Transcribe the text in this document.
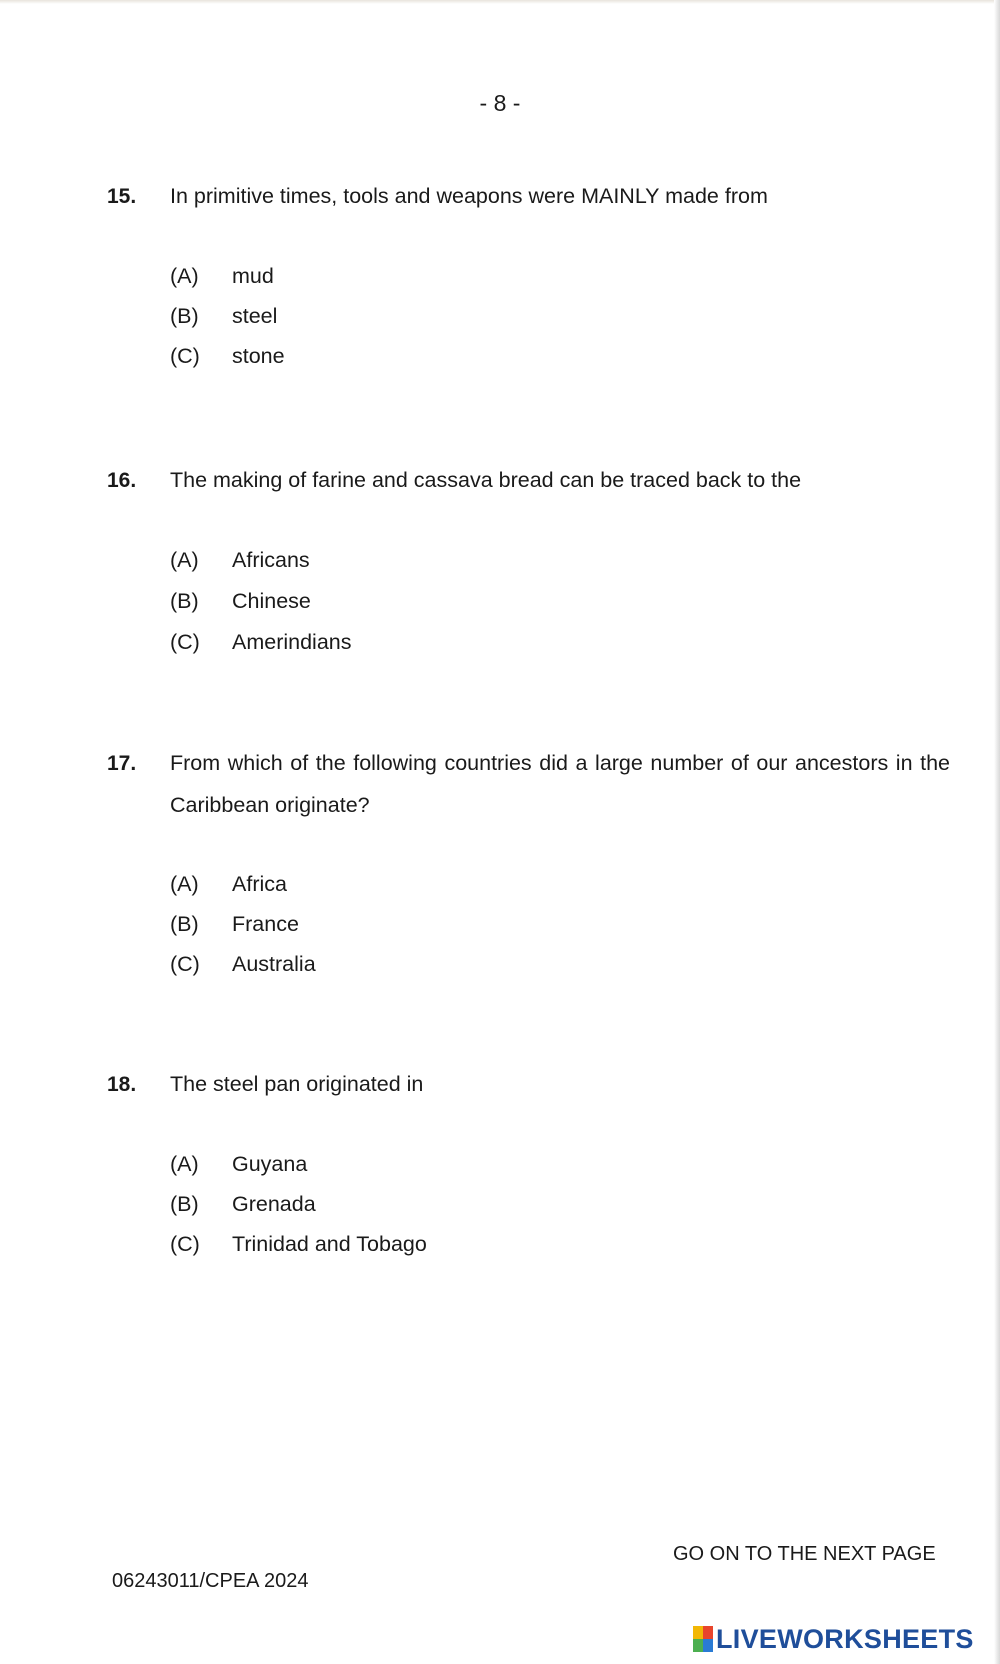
- 8 -
15. In primitive times, tools and weapons were MAINLY made from
(A) mud
(B) steel
(C) stone
16. The making of farine and cassava bread can be traced back to the
(A) Africans
(B) Chinese
(C) Amerindians
17. From which of the following countries did a large number of our ancestors in the Caribbean originate?
(A) Africa
(B) France
(C) Australia
18. The steel pan originated in
(A) Guyana
(B) Grenada
(C) Trinidad and Tobago
GO ON TO THE NEXT PAGE
06243011/CPEA 2024
LIVEWORKSHEETS
